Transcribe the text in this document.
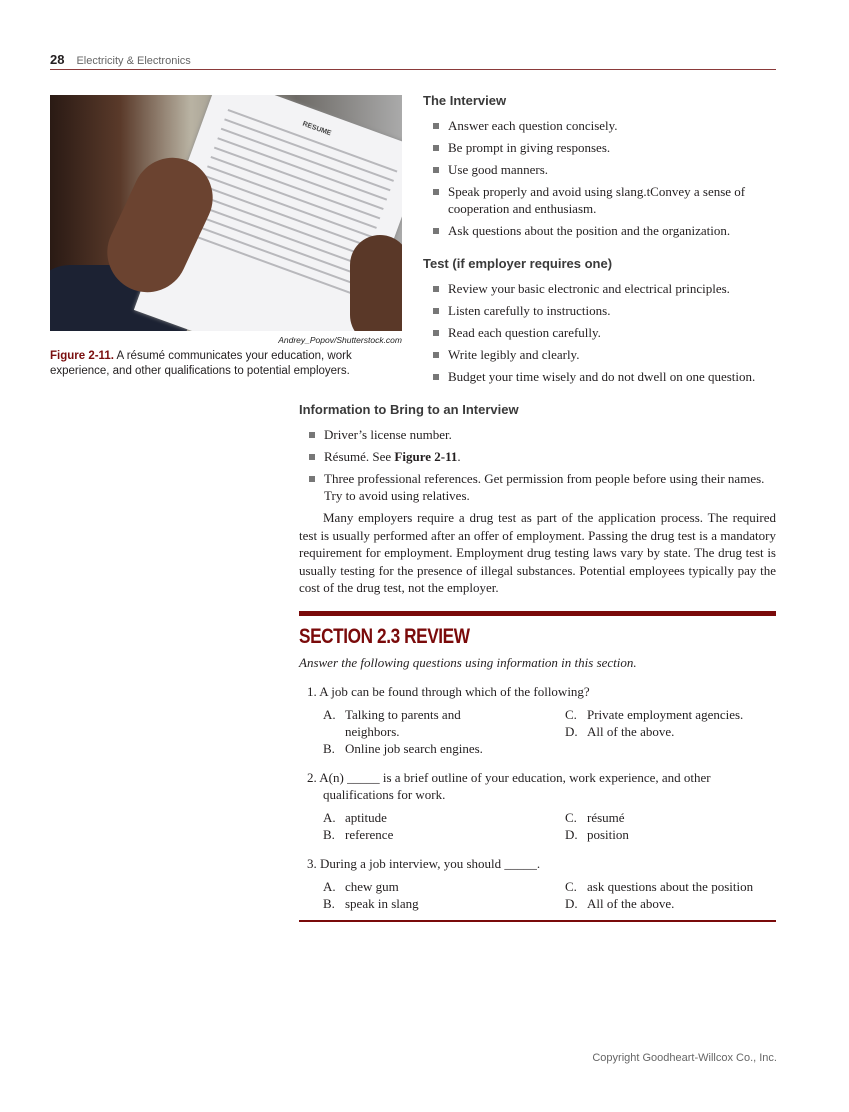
28 Electricity & Electronics
RESUME
Andrey_Popov/Shutterstock.com
Figure 2-11. A résumé communicates your education, work experience, and other qualifications to potential employers.
The Interview
Answer each question concisely.
Be prompt in giving responses.
Use good manners.
Speak properly and avoid using slang.tConvey a sense of cooperation and enthusiasm.
Ask questions about the position and the organization.
Test (if employer requires one)
Review your basic electronic and electrical principles.
Listen carefully to instructions.
Read each question carefully.
Write legibly and clearly.
Budget your time wisely and do not dwell on one question.
Information to Bring to an Interview
Driver’s license number.
Résumé. See Figure 2-11.
Three professional references. Get permission from people before using their names. Try to avoid using relatives.
Many employers require a drug test as part of the application process. The required test is usually performed after an offer of employment. Passing the drug test is a mandatory requirement for employment. Employment drug testing laws vary by state. The drug test is usually testing for the presence of illegal substances. Potential employees typically pay the cost of the drug test, not the employer.
SECTION 2.3 REVIEW
Answer the following questions using information in this section.
1. A job can be found through which of the following?
A. Talking to parents and neighbors.
B. Online job search engines.
C. Private employment agencies.
D. All of the above.
2. A(n) _____ is a brief outline of your education, work experience, and other qualifications for work.
A. aptitude
B. reference
C. résumé
D. position
3. During a job interview, you should _____.
A. chew gum
B. speak in slang
C. ask questions about the position
D. All of the above.
Copyright Goodheart-Willcox Co., Inc.
